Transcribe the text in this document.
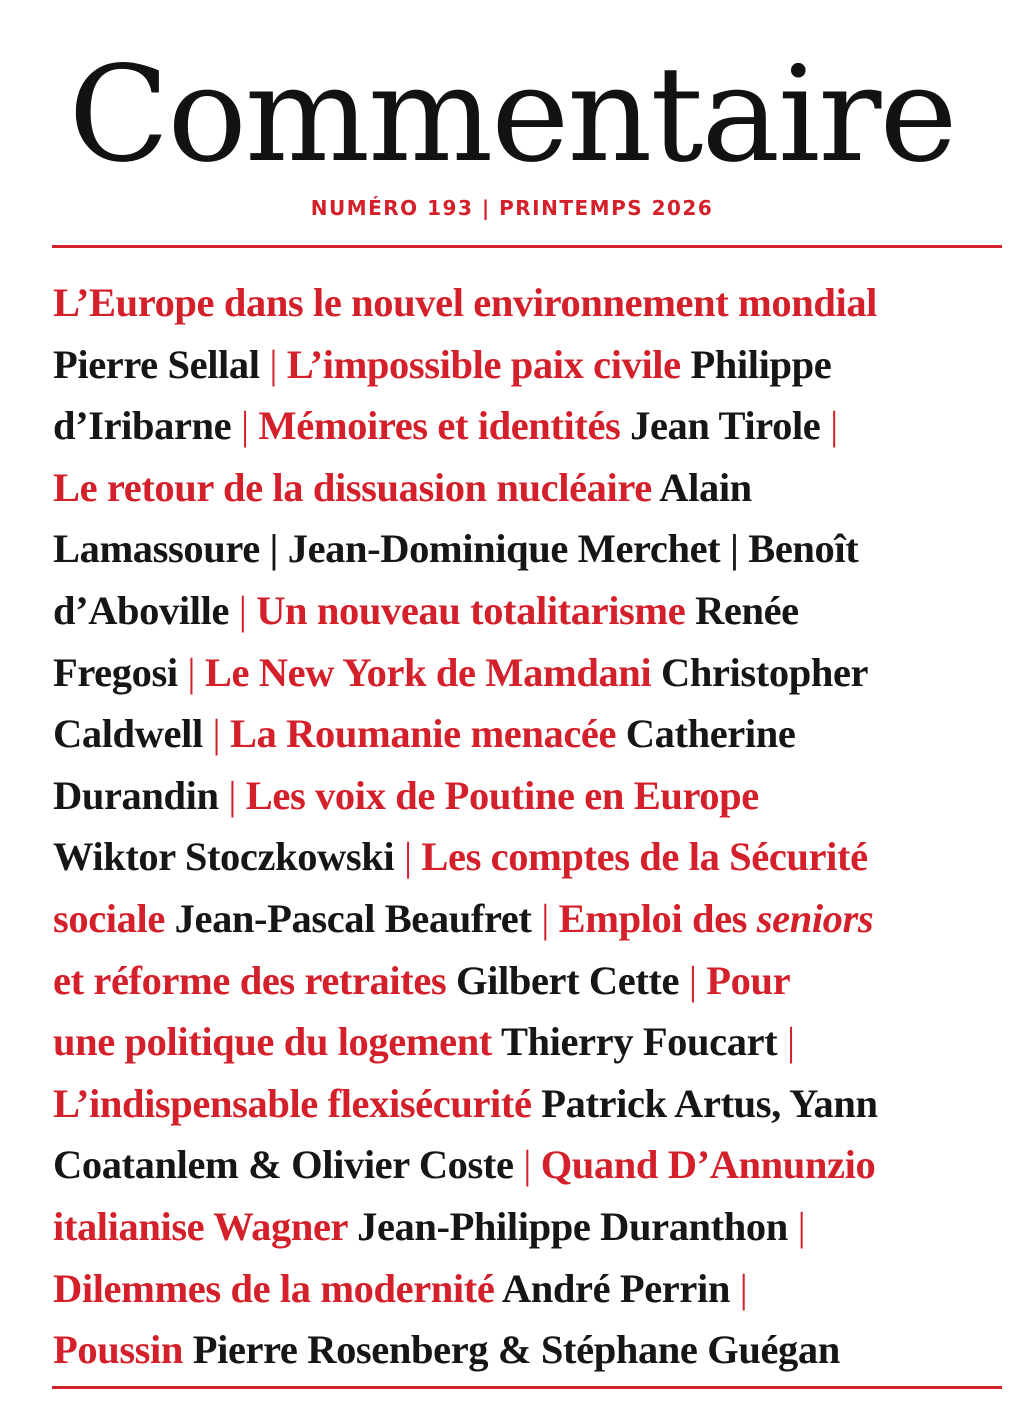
Commentaire
NUMÉRO 193 | PRINTEMPS 2026
L’Europe dans le nouvel environnement mondial
Pierre Sellal | L’impossible paix civile Philippe
d’Iribarne | Mémoires et identités Jean Tirole |
Le retour de la dissuasion nucléaire Alain
Lamassoure | Jean-Dominique Merchet | Benoît
d’Aboville | Un nouveau totalitarisme Renée
Fregosi | Le New York de Mamdani Christopher
Caldwell | La Roumanie menacée Catherine
Durandin | Les voix de Poutine en Europe
Wiktor Stoczkowski | Les comptes de la Sécurité
sociale Jean-Pascal Beaufret | Emploi des seniors
et réforme des retraites Gilbert Cette | Pour
une politique du logement Thierry Foucart |
L’indispensable flexisécurité Patrick Artus, Yann
Coatanlem & Olivier Coste | Quand D’Annunzio
italianise Wagner Jean-Philippe Duranthon |
Dilemmes de la modernité André Perrin |
Poussin Pierre Rosenberg & Stéphane Guégan
